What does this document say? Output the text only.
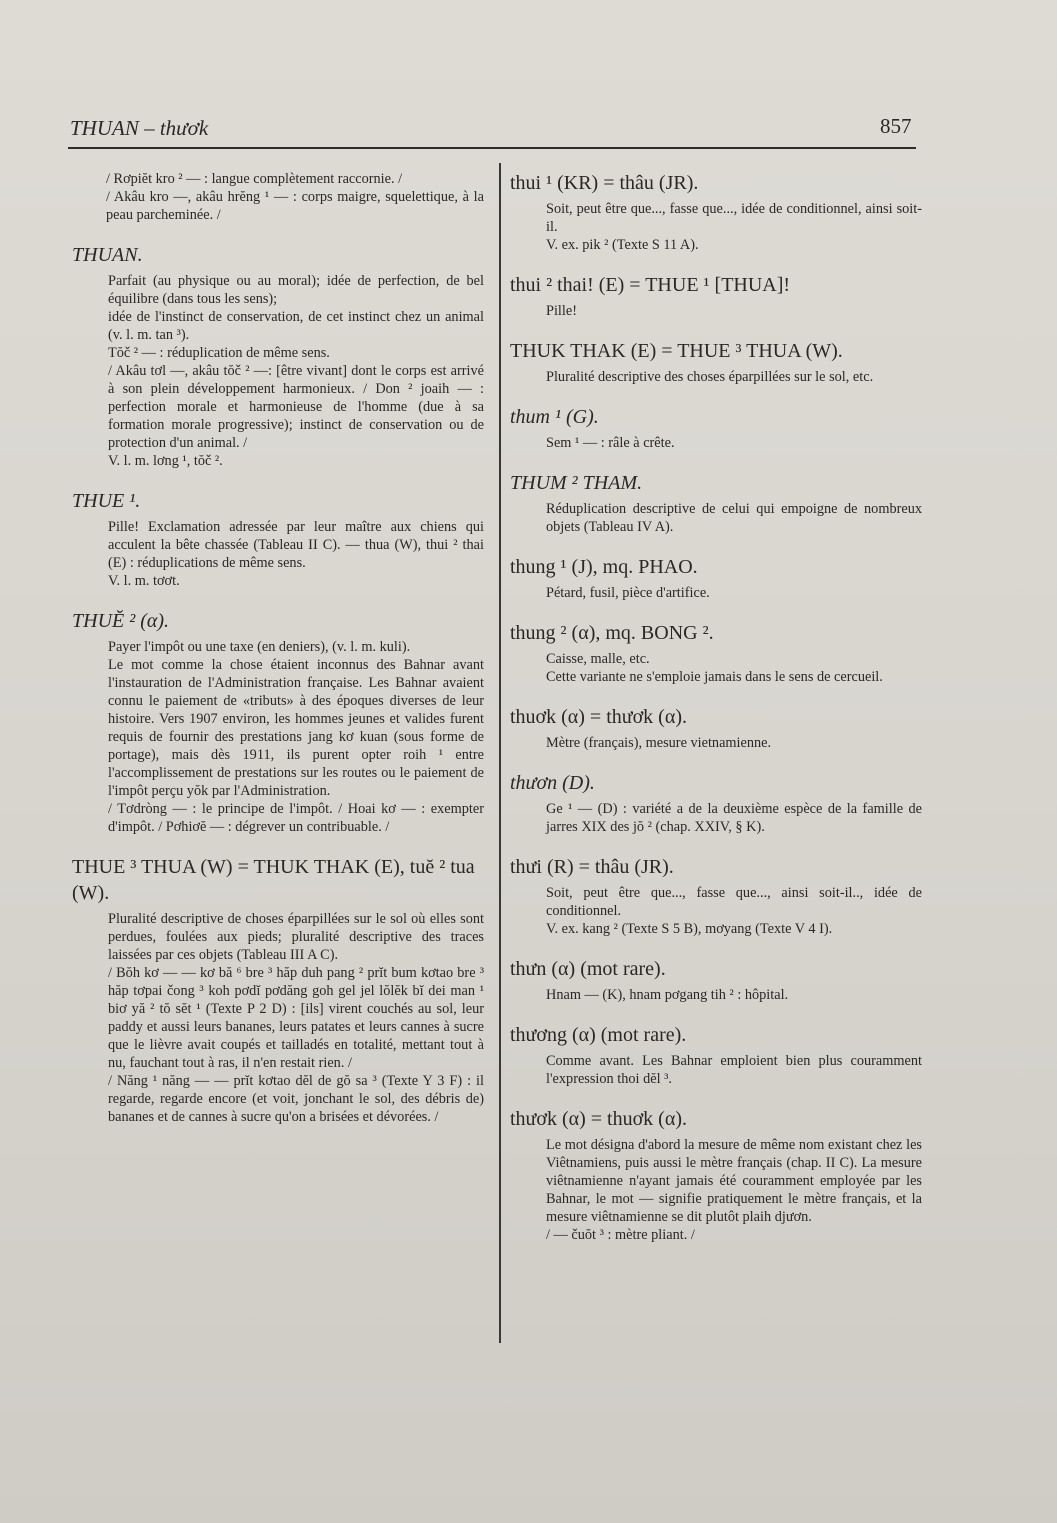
THUAN – thươk	857

/ Rơpiĕt kro ² — : langue complètement raccornie. /

/ Akâu kro —, akâu hrĕng ¹ — : corps maigre, squelettique, à la peau parcheminée. /

THUAN.

Parfait (au physique ou au moral); idée de perfection, de bel équilibre (dans tous les sens);

idée de l'instinct de conservation, de cet instinct chez un animal (v. l. m. tan ³).

Tŏč ² — : réduplication de même sens.

/ Akâu tơl —, akâu tŏč ² —: [être vivant] dont le corps est arrivé à son plein développement harmonieux. / Don ² joaih — : perfection morale et harmonieuse de l'homme (due à sa formation morale progressive); instinct de conservation ou de protection d'un animal. /

V. l. m. lơng ¹, tŏč ².

THUE ¹.

Pille! Exclamation adressée par leur maître aux chiens qui acculent la bête chassée (Tableau II C). — thua (W), thui ² thai (E) : réduplications de même sens.

V. l. m. tơơt.

THUĔ ² (α).

Payer l'impôt ou une taxe (en deniers), (v. l. m. kuli).

Le mot comme la chose étaient inconnus des Bahnar avant l'instauration de l'Administration française. Les Bahnar avaient connu le paiement de «tributs» à des époques diverses de leur histoire. Vers 1907 environ, les hommes jeunes et valides furent requis de fournir des prestations jang kơ kuan (sous forme de portage), mais dès 1911, ils purent opter roih ¹ entre l'accomplissement de prestations sur les routes ou le paiement de l'impôt perçu yŏk par l'Administration.

/ Tơdròng — : le principe de l'impôt. / Hoai kơ — : exempter d'impôt. / Pơhiơĕ — : dégrever un contribuable. /

THUE ³ THUA (W) = THUK THAK (E), tuĕ ² tua (W).

Pluralité descriptive de choses éparpillées sur le sol où elles sont perdues, foulées aux pieds; pluralité descriptive des traces laissées par ces objets (Tableau III A C).

/ Bŏh kơ — — kơ bă ⁶ bre ³ hăp duh pang ² prĭt bum kơtao bre ³ hăp tơpai čong ³ koh pơdĭ pơdăng goh gel jel lŏlĕk bĭ dei man ¹ biơ yă ² tŏ sĕt ¹ (Texte P 2 D) : [ils] virent couchés au sol, leur paddy et aussi leurs bananes, leurs patates et leurs cannes à sucre que le lièvre avait coupés et tailladés en totalité, mettant tout à nu, fauchant tout à ras, il n'en restait rien. /

/ Năng ¹ năng — — prĭt kơtao dĕl de gŏ sa ³ (Texte Y 3 F) : il regarde, regarde encore (et voit, jonchant le sol, des débris de) bananes et de cannes à sucre qu'on a brisées et dévorées. /

thui ¹ (KR) = thâu (JR).

Soit, peut être que..., fasse que..., idée de conditionnel, ainsi soit-il.

V. ex. pik ² (Texte S 11 A).

thui ² thai! (E) = THUE ¹ [THUA]!

Pille!

THUK THAK (E) = THUE ³ THUA (W).

Pluralité descriptive des choses éparpillées sur le sol, etc.

thum ¹ (G).

Sem ¹ — : râle à crête.

THUM ² THAM.

Réduplication descriptive de celui qui empoigne de nombreux objets (Tableau IV A).

thung ¹ (J), mq. PHAO.

Pétard, fusil, pièce d'artifice.

thung ² (α), mq. BONG ².

Caisse, malle, etc.

Cette variante ne s'emploie jamais dans le sens de cercueil.

thuơk (α) = thươk (α).

Mètre (français), mesure vietnamienne.

thươn (D).

Ge ¹ — (D) : variété a de la deuxième espèce de la famille de jarres XIX des jŏ ² (chap. XXIV, § K).

thưi (R) = thâu (JR).

Soit, peut être que..., fasse que..., ainsi soit-il.., idée de conditionnel.

V. ex. kang ² (Texte S 5 B), mơyang (Texte V 4 I).

thưn (α) (mot rare).

Hnam — (K), hnam pơgang tih ² : hôpital.

thương (α) (mot rare).

Comme avant. Les Bahnar emploient bien plus couramment l'expression thoi dĕl ³.

thươk (α) = thuơk (α).

Le mot désigna d'abord la mesure de même nom existant chez les Viêtnamiens, puis aussi le mètre français (chap. II C). La mesure viêtnamienne n'ayant jamais été couramment employée par les Bahnar, le mot — signifie pratiquement le mètre français, et la mesure viêtnamienne se dit plutôt plaih djươn.

/ — čuŏt ³ : mètre pliant. /
